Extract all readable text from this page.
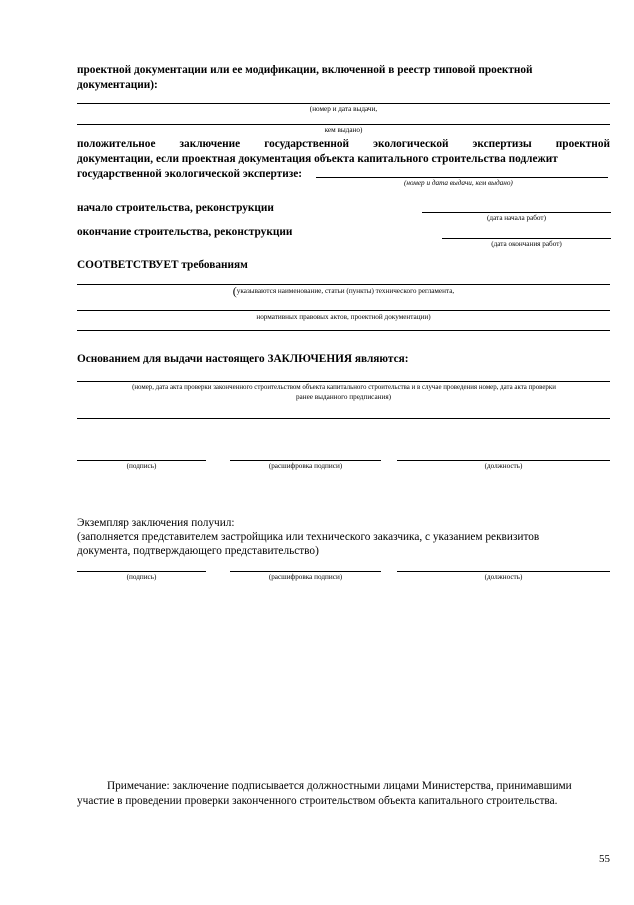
проектной документации или ее модификации, включенной в реестр типовой проектной
документации):
(номер и дата выдачи,
кем выдано)
положительное заключение государственной экологической экспертизы проектной
документации, если проектная документация объекта капитального строительства подлежит
государственной экологической экспертизе:
(номер и дата выдачи, кем выдано)
начало строительства, реконструкции
(дата начала работ)
окончание строительства, реконструкции
(дата окончания работ)
СООТВЕТСТВУЕТ требованиям
(указываются наименование, статьи (пункты) технического регламента,
нормативных правовых актов, проектной документации)
Основанием для выдачи настоящего ЗАКЛЮЧЕНИЯ являются:
(номер, дата акта проверки законченного строительством объекта капитального строительства и в случае проведения номер, дата акта проверки
ранее выданного предписания)
(подпись)	(расшифровка подписи)	(должность)
Экземпляр заключения получил:
(заполняется представителем застройщика или технического заказчика, с указанием реквизитов
документа, подтверждающего представительство)
(подпись)	(расшифровка подписи)	(должность)
Примечание: заключение подписывается должностными лицами Министерства, принимавшими
участие в проведении проверки законченного строительством объекта капитального строительства.
55
